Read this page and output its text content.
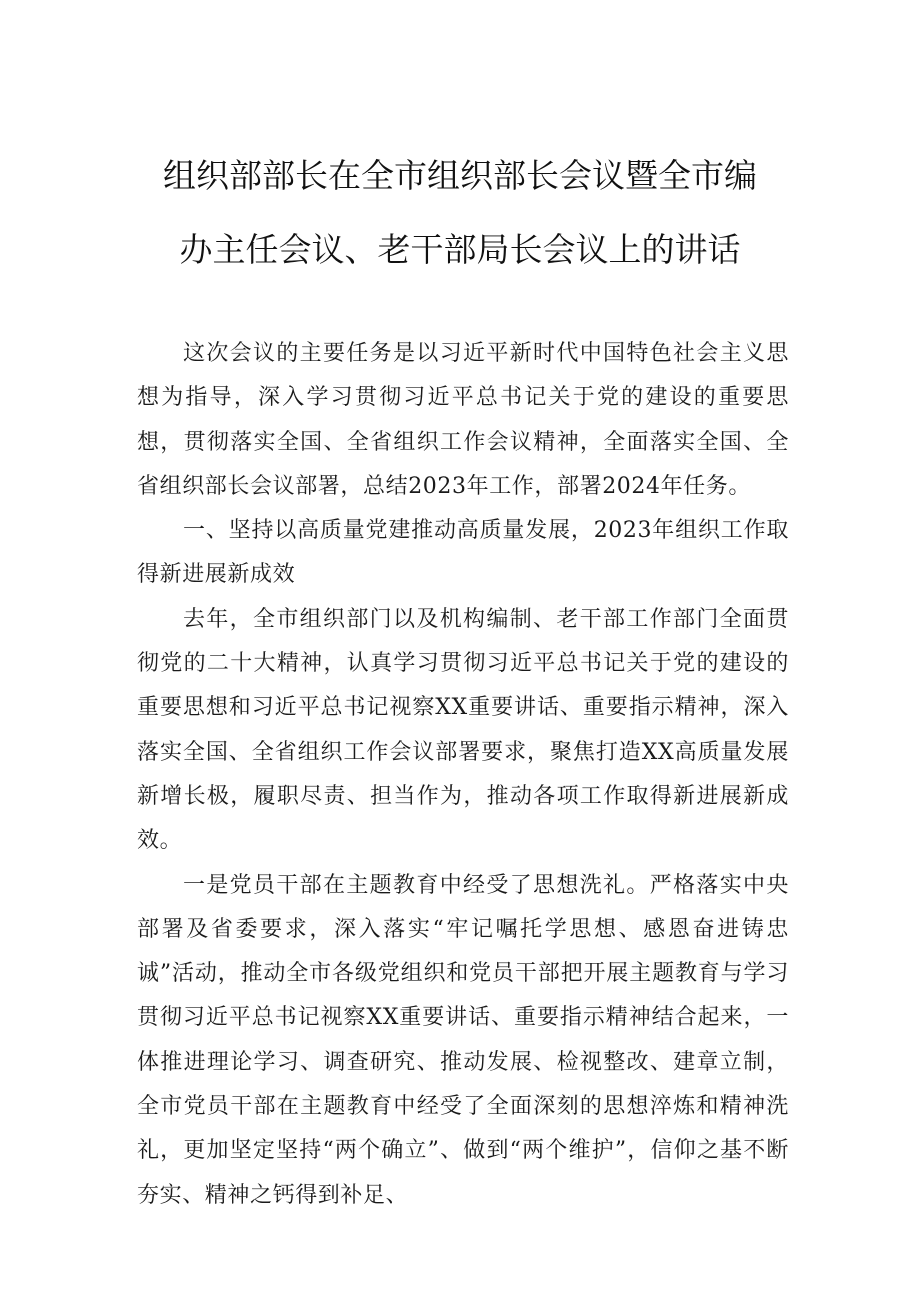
组织部部长在全市组织部长会议暨全市编
办主任会议、老干部局长会议上的讲话

这次会议的主要任务是以习近平新时代中国特色社会主义思想为指导，深入学习贯彻习近平总书记关于党的建设的重要思想，贯彻落实全国、全省组织工作会议精神，全面落实全国、全省组织部长会议部署，总结2023年工作，部署2024年任务。

一、坚持以高质量党建推动高质量发展，2023年组织工作取得新进展新成效

去年，全市组织部门以及机构编制、老干部工作部门全面贯彻党的二十大精神，认真学习贯彻习近平总书记关于党的建设的重要思想和习近平总书记视察XX重要讲话、重要指示精神，深入落实全国、全省组织工作会议部署要求，聚焦打造XX高质量发展新增长极，履职尽责、担当作为，推动各项工作取得新进展新成效。

一是党员干部在主题教育中经受了思想洗礼。严格落实中央部署及省委要求，深入落实“牢记嘱托学思想、感恩奋进铸忠诚”活动，推动全市各级党组织和党员干部把开展主题教育与学习贯彻习近平总书记视察XX重要讲话、重要指示精神结合起来，一体推进理论学习、调查研究、推动发展、检视整改、建章立制，全市党员干部在主题教育中经受了全面深刻的思想淬炼和精神洗礼，更加坚定坚持“两个确立”、做到“两个维护”，信仰之基不断夯实、精神之钙得到补足、
